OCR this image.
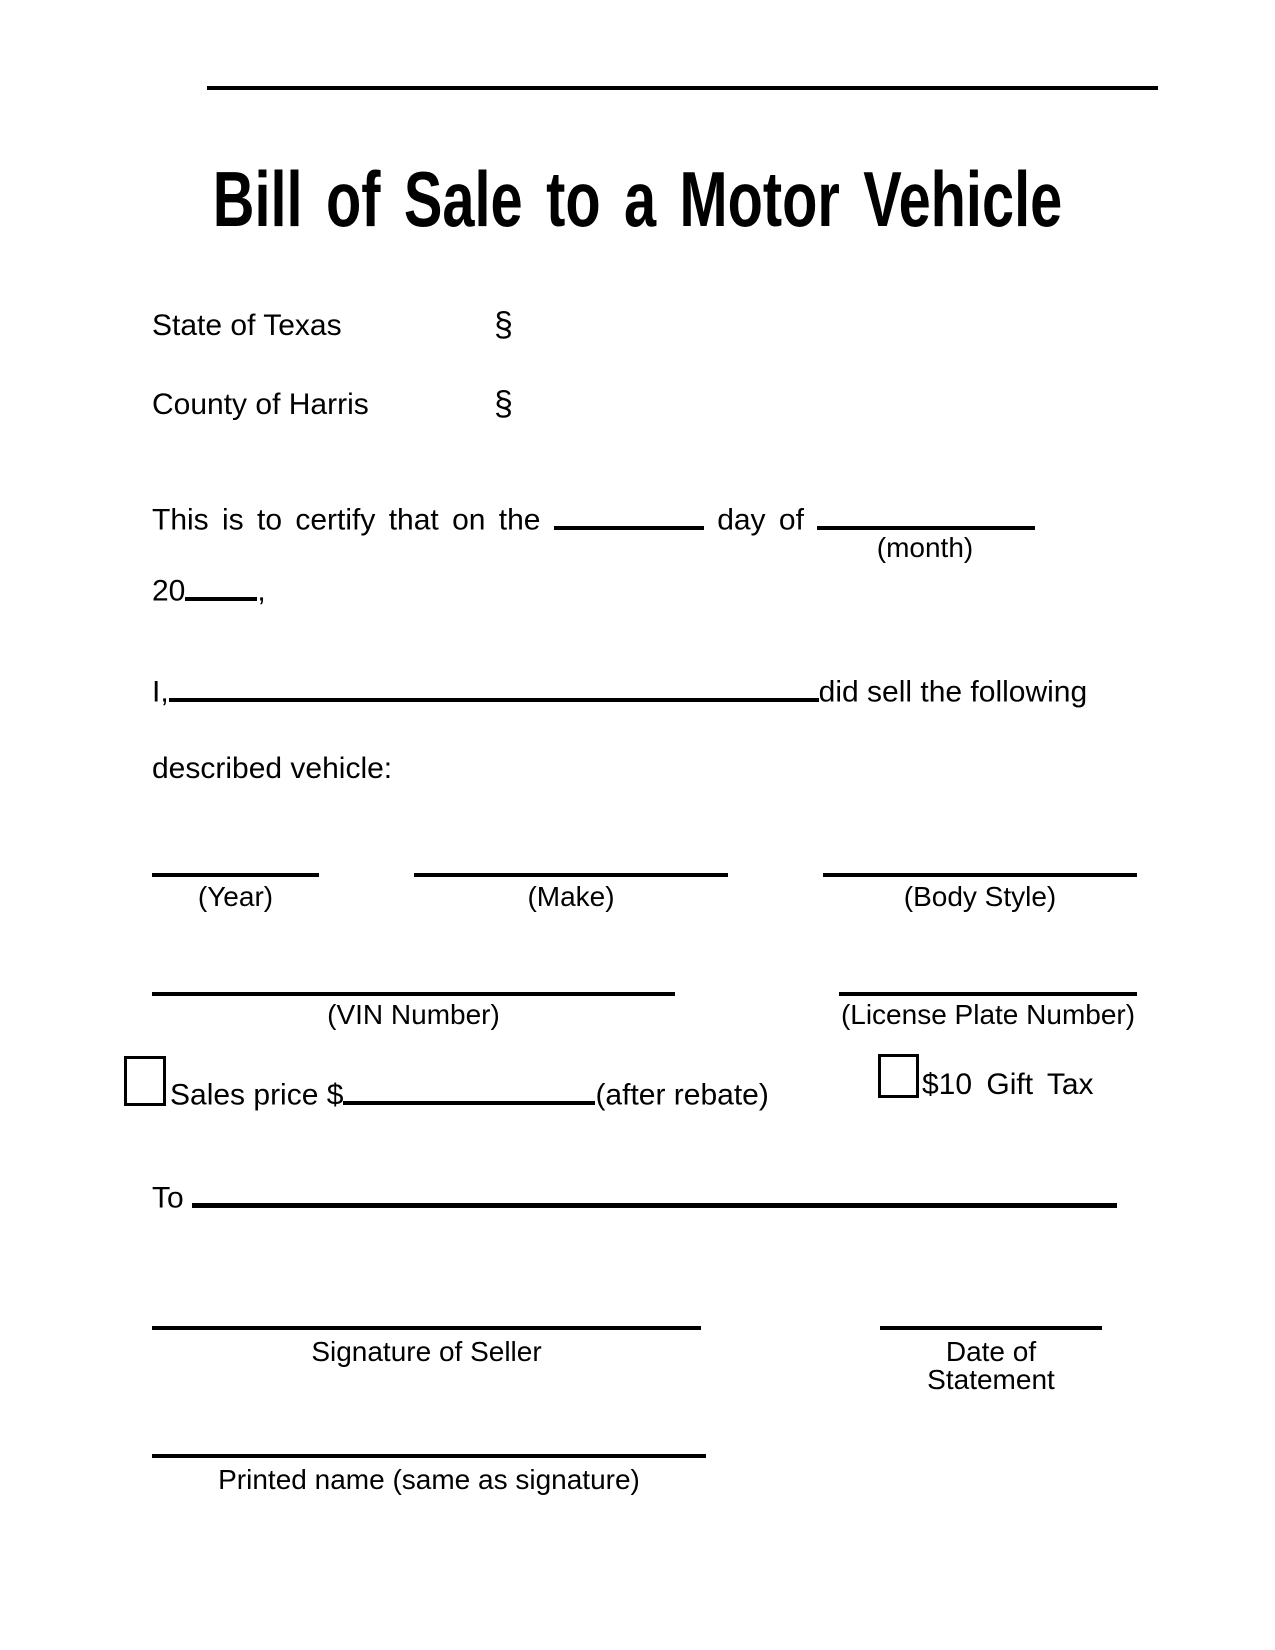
Bill of Sale to a Motor Vehicle
State of Texas	§
County of Harris	§
This is to certify that on the	day of
(month)
20 ,
I,	did sell the following
described vehicle:
(Year)	(Make)	(Body Style)
(VIN Number)	(License Plate Number)
Sales price $	(after rebate)	$10 Gift Tax
To
Signature of Seller	Date of Statement
Printed name (same as signature)
